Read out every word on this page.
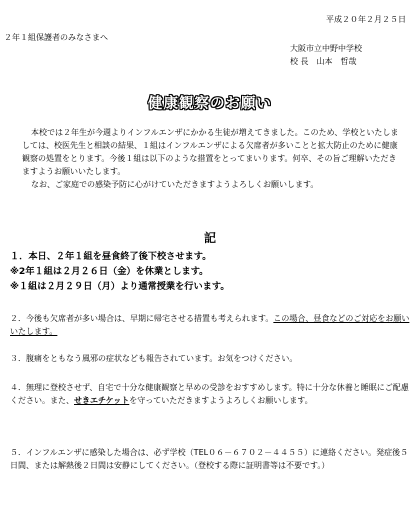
平成２０年２月２５日
２年１組保護者のみなさまへ
大阪市立中野中学校
校 長　山本　哲哉
健康観察のお願い

本校では２年生が今週よりインフルエンザにかかる生徒が増えてきました。このため、学校といたしましては、校医先生と相談の結果、１組はインフルエンザによる欠席者が多いことと拡大防止のために健康観察の処置をとります。今後１組は以下のような措置をとってまいります。何卒、その旨ご理解いただきますようお願いいたします。

なお、ご家庭での感染予防に心がけていただきますようよろしくお願いします。

記
１．本日、２年１組を昼食終了後下校させます。
※2年１組は２月２６日（金）を休業とします。
※１組は２月２９日（月）より通常授業を行います。
２．今後も欠席者が多い場合は、早期に帰宅させる措置も考えられます。この場合、昼食などのご対応をお願いいたします。
３．腹痛をともなう風邪の症状なども報告されています。お気をつけください。
４．無理に登校させず、自宅で十分な健康観察と早めの受診をおすすめします。特に十分な休養と睡眠にご配慮ください。また、せきエチケットを守っていただきますようよろしくお願いします。
５．インフルエンザに感染した場合は、必ず学校（TEL０６－６７０２－４４５５）に連絡ください。発症後５日間、または解熱後２日間は安静にしてください。（登校する際に証明書等は不要です。）
